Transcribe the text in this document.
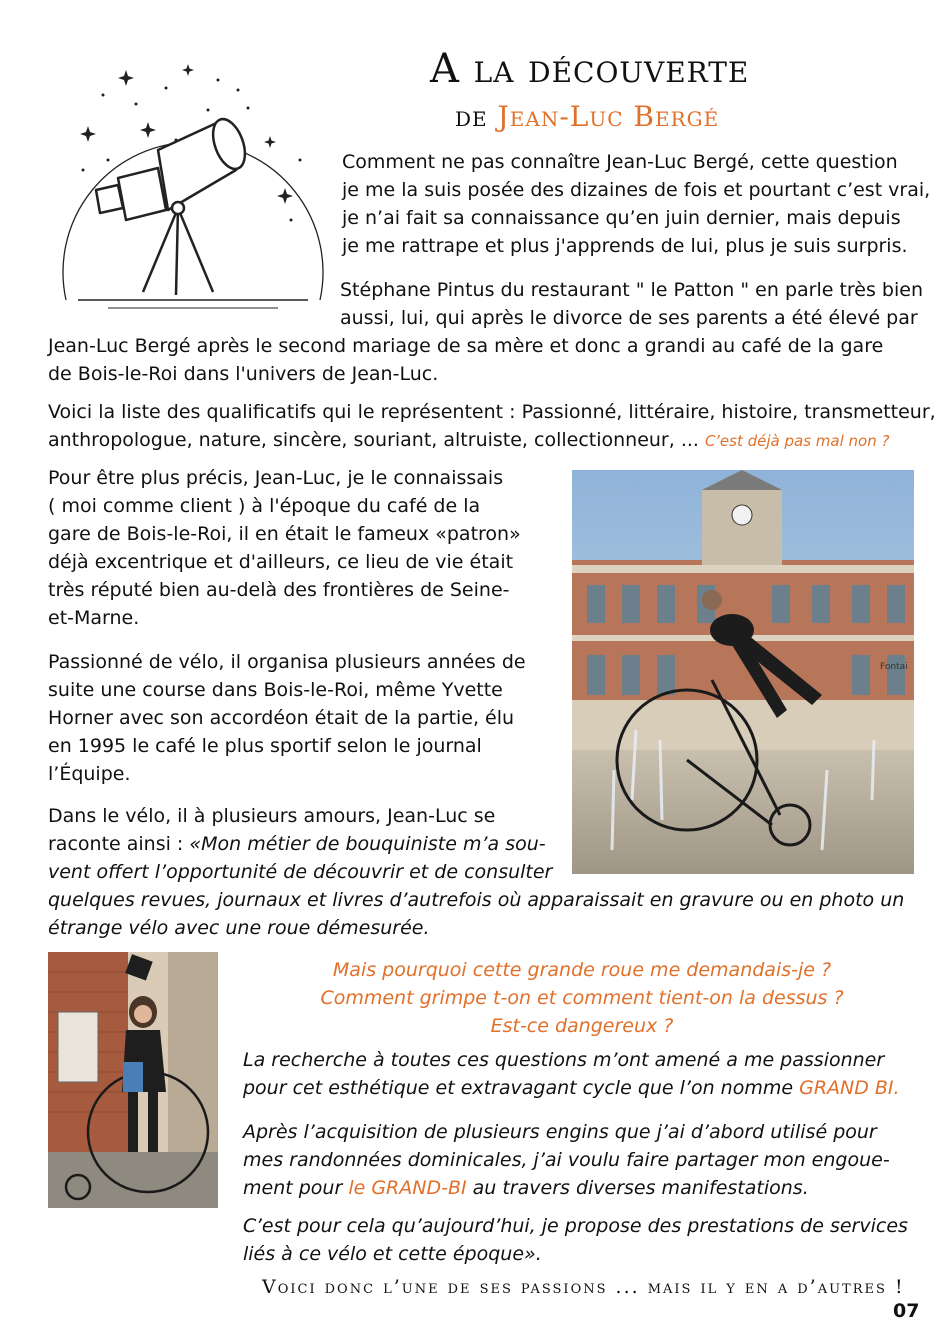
A la découverte
de Jean-Luc Bergé

Comment ne pas connaître Jean-Luc Bergé, cette question

je me la suis posée des dizaines de fois et pourtant c’est vrai,

je n’ai fait sa connaissance qu’en juin dernier, mais depuis

je me rattrape et plus j'apprends de lui, plus je suis surpris.

Stéphane Pintus du restaurant " le Patton " en parle très bien

aussi, lui, qui après le divorce de ses parents a été élevé par

Jean-Luc Bergé après le second mariage de sa mère et donc a grandi au café de la gare

de Bois-le-Roi dans l'univers de Jean-Luc.

Voici la liste des qualificatifs qui le représentent : Passionné, littéraire, histoire, transmetteur,

anthropologue, nature, sincère, souriant, altruiste, collectionneur, ... C’est déjà pas mal non ?

Pour être plus précis, Jean-Luc, je le connaissais

( moi comme client ) à l'époque du café de la

gare de Bois-le-Roi, il en était le fameux «patron»

déjà excentrique et d'ailleurs, ce lieu de vie était

très réputé bien au-delà des frontières de Seine-

et-Marne.

Passionné de vélo, il organisa plusieurs années de

suite une course dans Bois-le-Roi, même Yvette

Horner avec son accordéon était de la partie, élu

en 1995 le café le plus sportif selon le journal

l’Équipe.

Dans le vélo, il à plusieurs amours, Jean-Luc se

raconte ainsi : «Mon métier de bouquiniste m’a sou-

vent offert l’opportunité de découvrir et de consulter

quelques revues, journaux et livres d’autrefois où apparaissait en gravure ou en photo un

étrange vélo avec une roue démesurée.

Fontai

Mais pourquoi cette grande roue me demandais-je ?

Comment grimpe t-on et comment tient-on la dessus ?

Est-ce dangereux ?

La recherche à toutes ces questions m’ont amené a me passionner

pour cet esthétique et extravagant cycle que l’on nomme GRAND BI.

Après l’acquisition de plusieurs engins que j’ai d’abord utilisé pour

mes randonnées dominicales, j’ai voulu faire partager mon engoue-

ment pour le GRAND-BI au travers diverses manifestations.

C’est pour cela qu’aujourd’hui, je propose des prestations de services

liés à ce vélo et cette époque».

Voici donc l’une de ses passions ... mais il y en a d’autres !
07
